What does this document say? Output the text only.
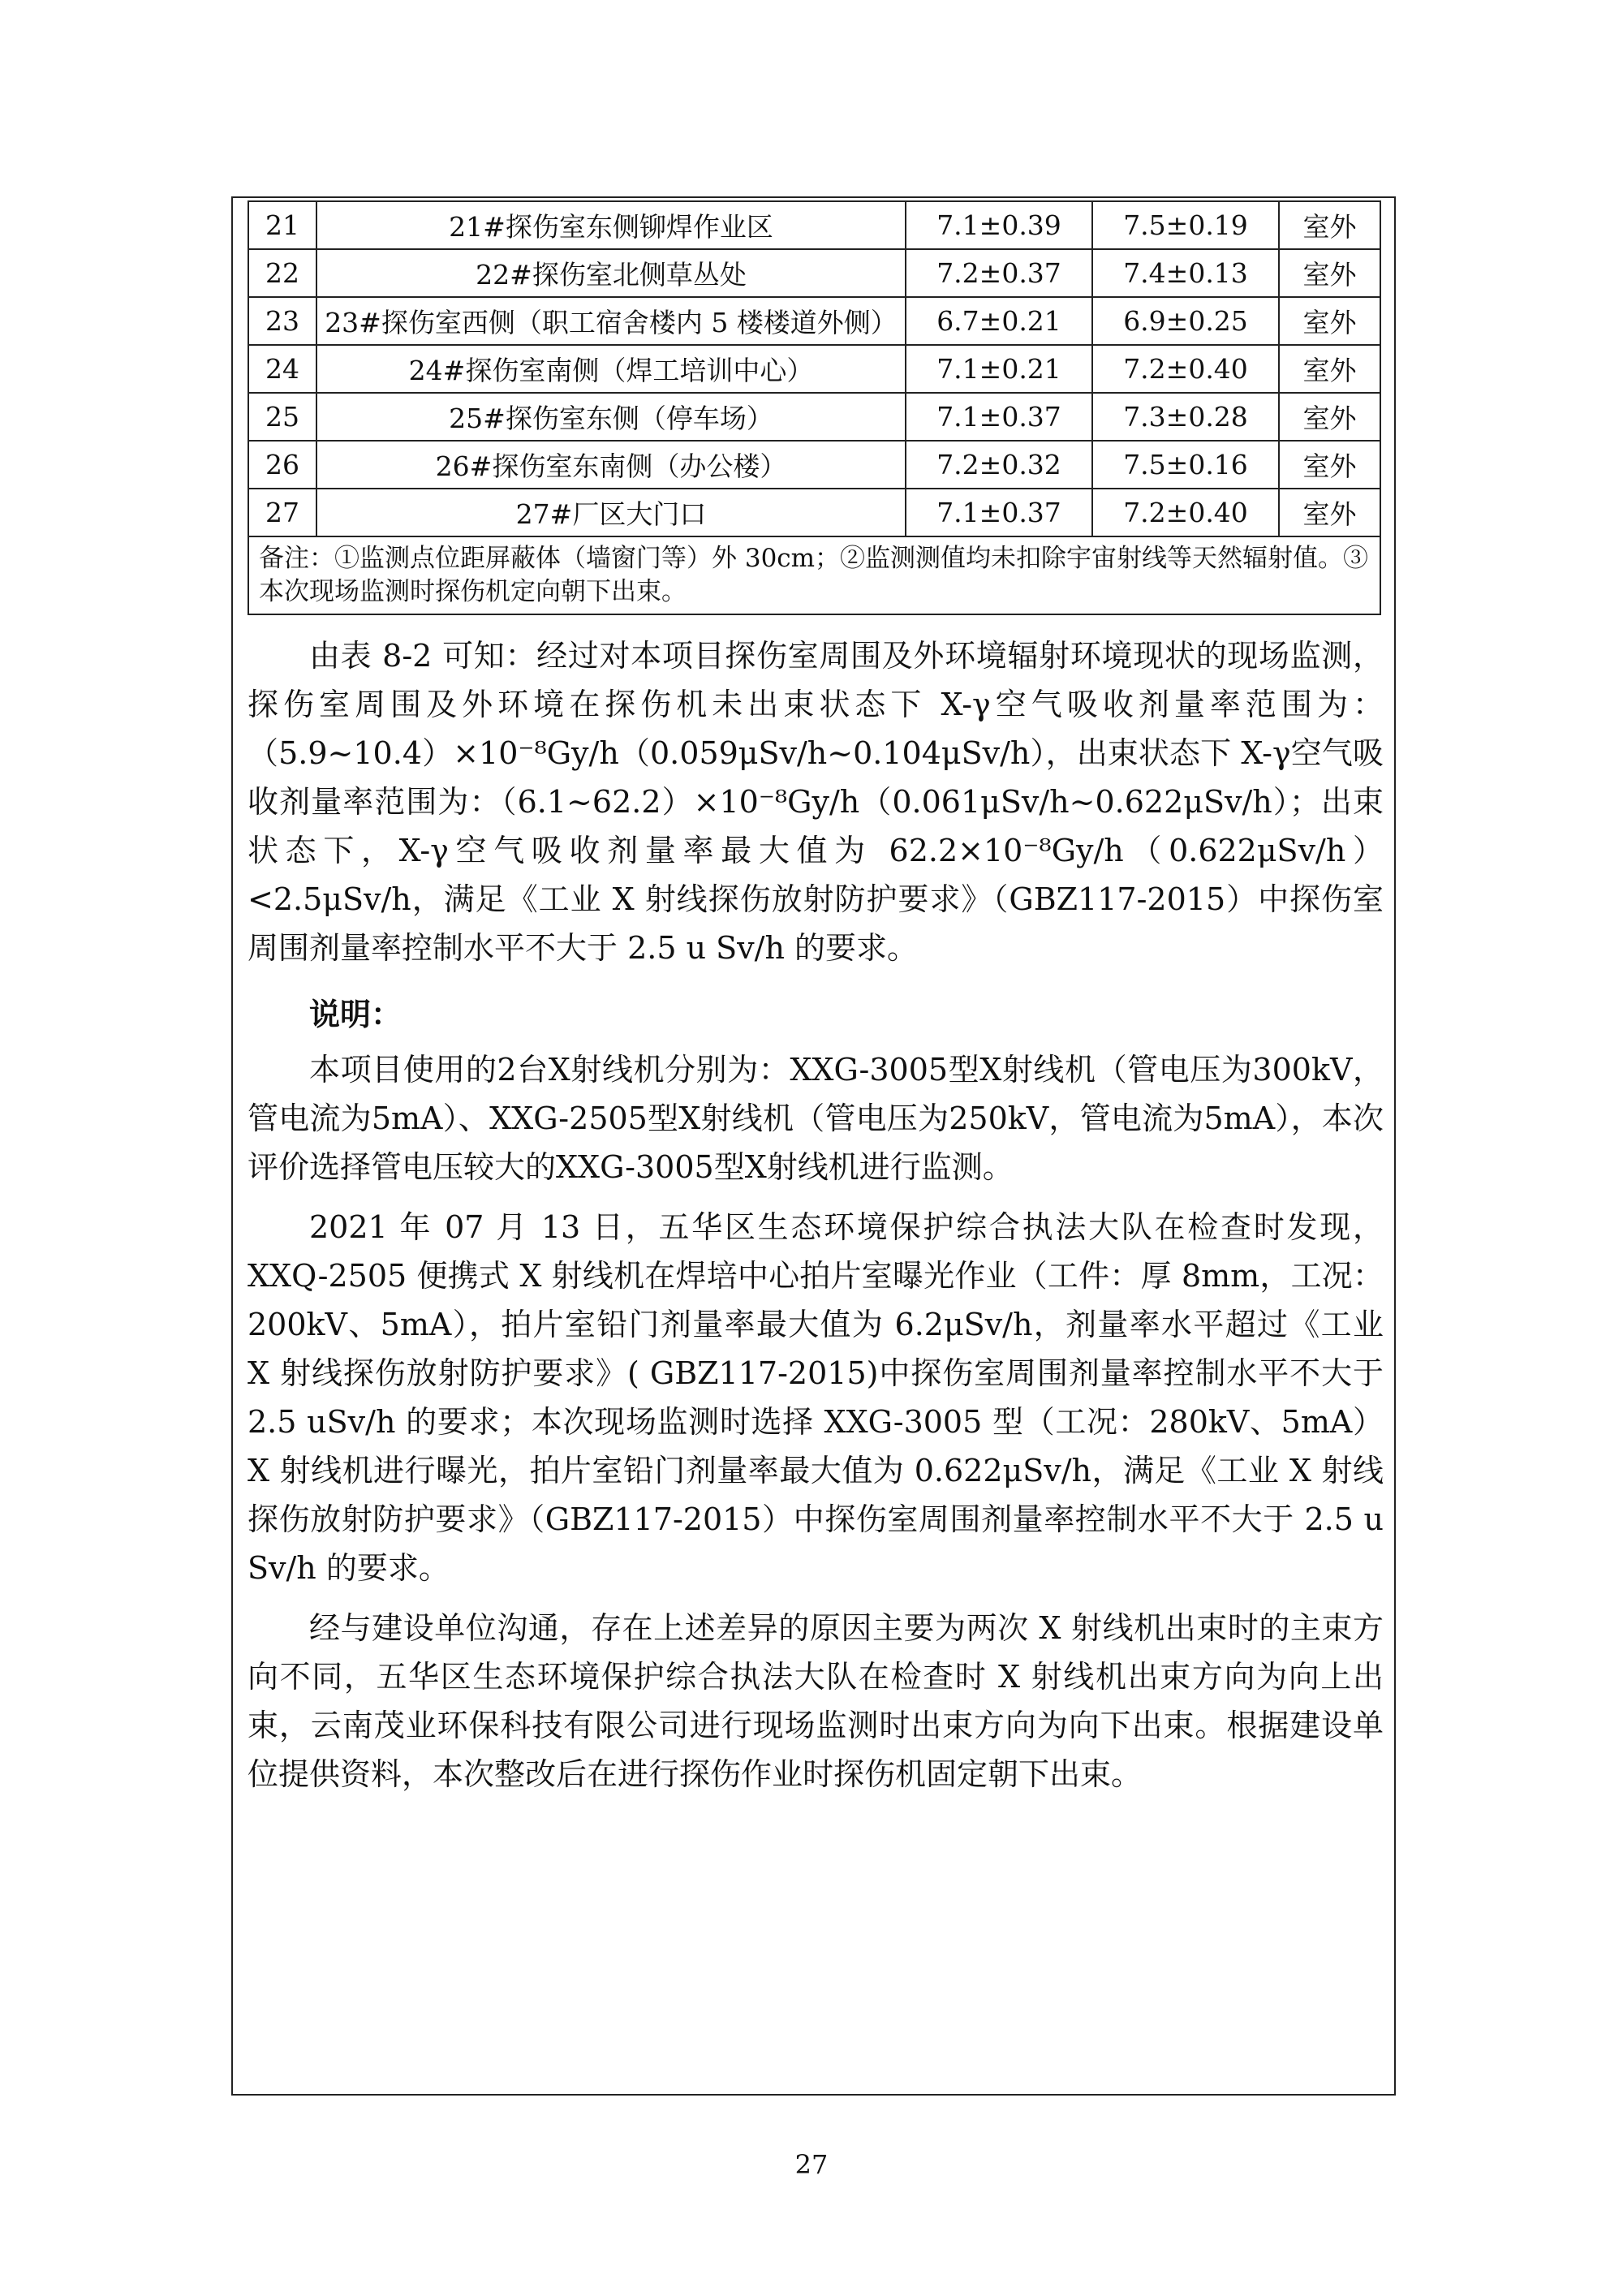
21	21#探伤室东侧铆焊作业区	7.1±0.39	7.5±0.19	室外
22	22#探伤室北侧草丛处	7.2±0.37	7.4±0.13	室外
23	23#探伤室西侧（职工宿舍楼内 5 楼楼道外侧）	6.7±0.21	6.9±0.25	室外
24	24#探伤室南侧（焊工培训中心）	7.1±0.21	7.2±0.40	室外
25	25#探伤室东侧（停车场）	7.1±0.37	7.3±0.28	室外
26	26#探伤室东南侧（办公楼）	7.2±0.32	7.5±0.16	室外
27	27#厂区大门口	7.1±0.37	7.2±0.40	室外
备注：①监测点位距屏蔽体（墙窗门等）外 30cm；②监测测值均未扣除宇宙射线等天然辐射值。③本次现场监测时探伤机定向朝下出束。				

由表 8-2 可知：经过对本项目探伤室周围及外环境辐射环境现状的现场监测，探伤室周围及外环境在探伤机未出束状态下 X-γ空气吸收剂量率范围为：（5.9~10.4）×10⁻⁸Gy/h（0.059μSv/h~0.104μSv/h），出束状态下 X-γ空气吸收剂量率范围为：（6.1~62.2）×10⁻⁸Gy/h（0.061μSv/h~0.622μSv/h）；出束状态下，X-γ空气吸收剂量率最大值为 62.2×10⁻⁸Gy/h（0.622μSv/h）<2.5μSv/h，满足《工业 X 射线探伤放射防护要求》（GBZ117-2015）中探伤室周围剂量率控制水平不大于 2.5 u Sv/h 的要求。

说明：

本项目使用的2台X射线机分别为：XXG-3005型X射线机（管电压为300kV，管电流为5mA）、XXG-2505型X射线机（管电压为250kV，管电流为5mA），本次评价选择管电压较大的XXG-3005型X射线机进行监测。

2021 年 07 月 13 日，五华区生态环境保护综合执法大队在检查时发现，XXQ-2505 便携式 X 射线机在焊培中心拍片室曝光作业（工件：厚 8mm，工况：200kV、5mA），拍片室铅门剂量率最大值为 6.2μSv/h，剂量率水平超过《工业 X 射线探伤放射防护要求》( GBZ117-2015)中探伤室周围剂量率控制水平不大于 2.5 uSv/h 的要求；本次现场监测时选择 XXG-3005 型（工况：280kV、5mA）X 射线机进行曝光，拍片室铅门剂量率最大值为 0.622μSv/h，满足《工业 X 射线探伤放射防护要求》（GBZ117-2015）中探伤室周围剂量率控制水平不大于 2.5 u Sv/h 的要求。

经与建设单位沟通，存在上述差异的原因主要为两次 X 射线机出束时的主束方向不同，五华区生态环境保护综合执法大队在检查时 X 射线机出束方向为向上出束，云南茂业环保科技有限公司进行现场监测时出束方向为向下出束。根据建设单位提供资料，本次整改后在进行探伤作业时探伤机固定朝下出束。

27
